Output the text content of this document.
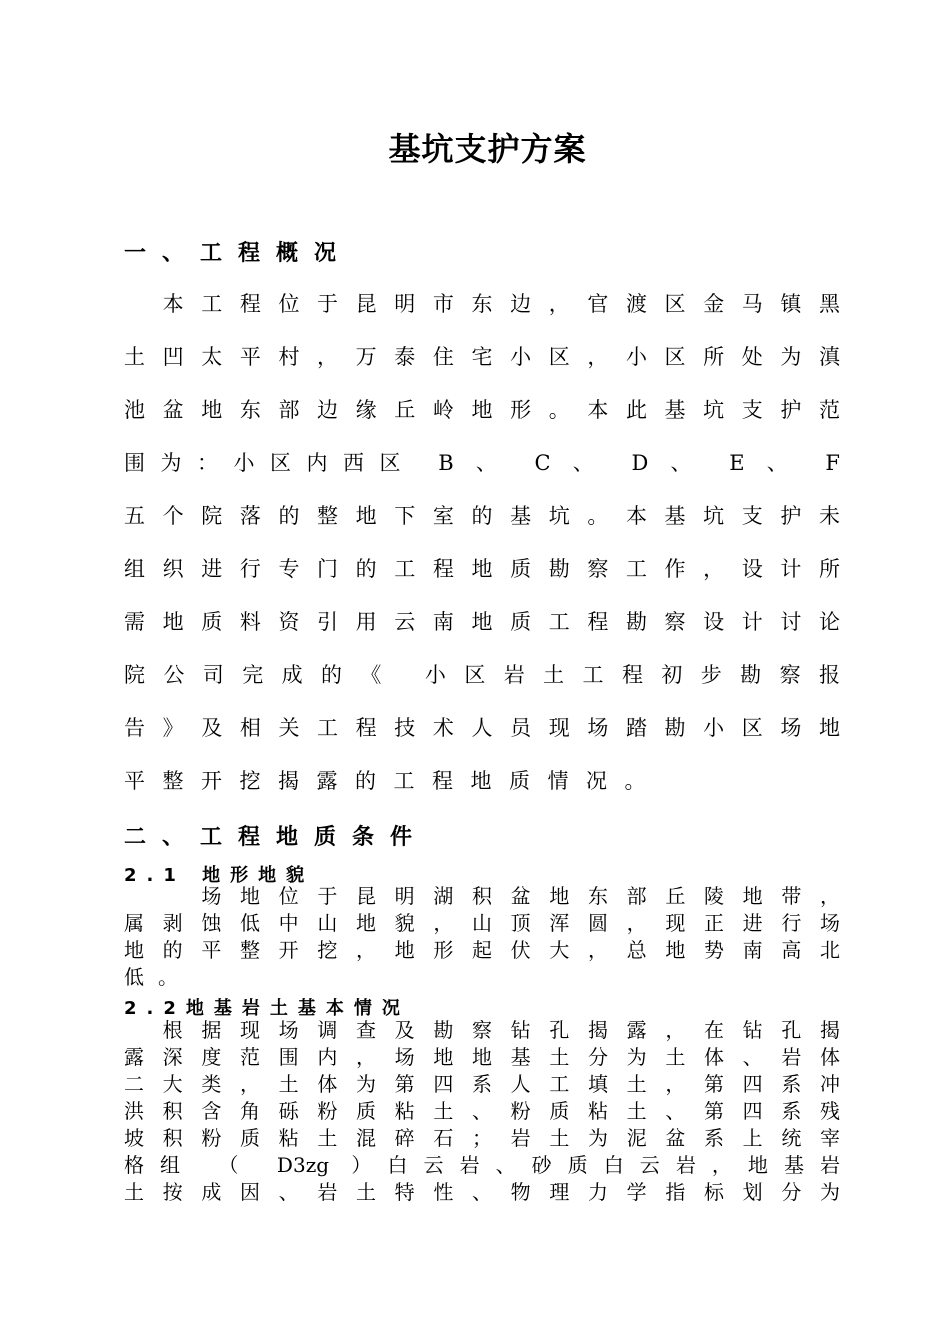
基坑支护方案
一、工程概况
　本工程位于昆明市东边，官渡区金马镇黑
土凹太平村，万泰住宅小区，小区所处为滇
池盆地东部边缘丘岭地形。本此基坑支护范
围为：小区内西区 B 、 C 、 D 、 E 、 F
五个院落的整地下室的基坑。本基坑支护未
组织进行专门的工程地质勘察工作，设计所
需地质料资引用云南地质工程勘察设计讨论
院公司完成的《 小区岩土工程初步勘察报
告》及相关工程技术人员现场踏勘小区场地
平整开挖揭露的工程地质情况。
二、工程地质条件
2.1 地形地貌
　　场地位于昆明湖积盆地东部丘陵地带，
属剥蚀低中山地貌，山顶浑圆，现正进行场
地的平整开挖，地形起伏大，总地势南高北
低。
2.2地基岩土基本情况
　根据现场调查及勘察钻孔揭露，在钻孔揭
露深度范围内，场地地基土分为土体、岩体
二大类，土体为第四系人工填土，第四系冲
洪积含角砾粉质粘土、粉质粘土、第四系残
坡积粉质粘土混碎石；岩土为泥盆系上统宰
格组 （ D3zg ）白云岩、砂质白云岩，地基岩
土按成因、岩土特性、物理力学指标划分为
